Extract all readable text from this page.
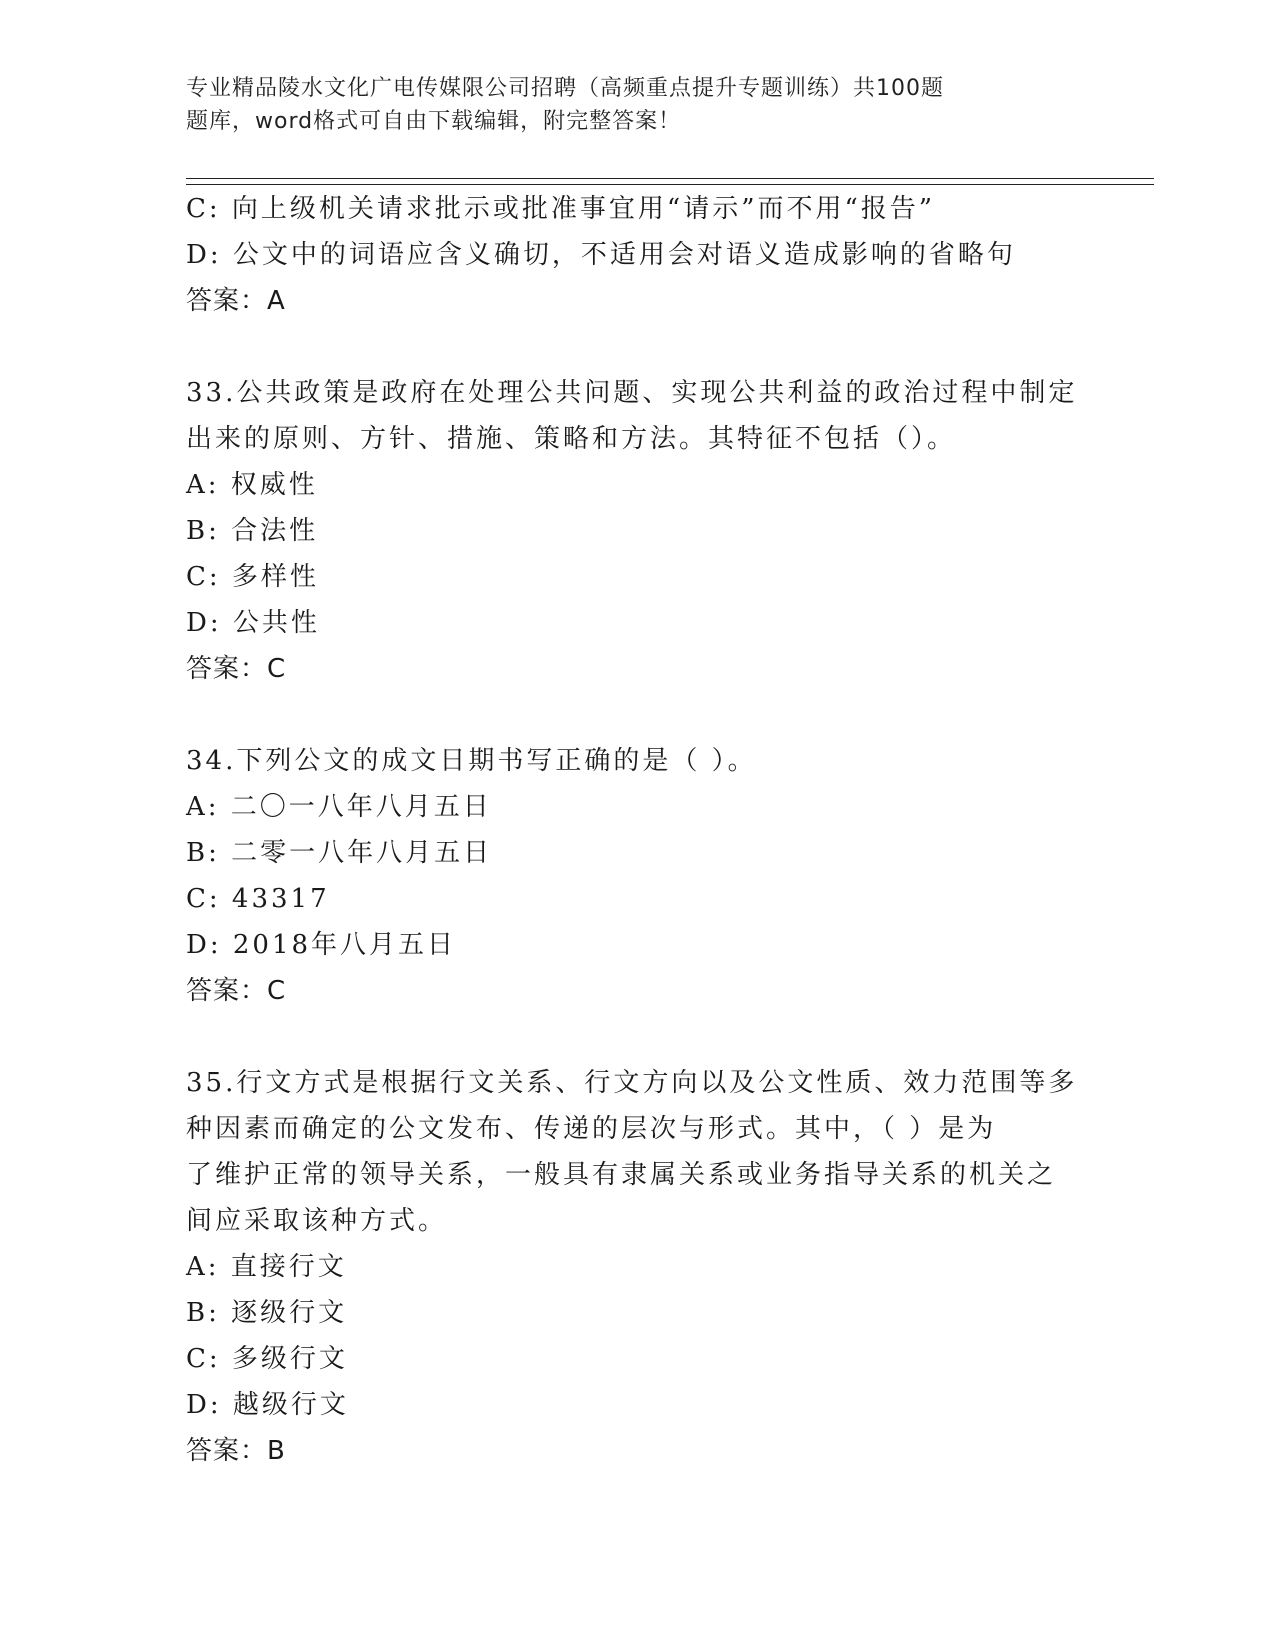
专业精品陵水文化广电传媒限公司招聘（高频重点提升专题训练）共100题
题库，word格式可自由下载编辑，附完整答案！
C: 向上级机关请求批示或批准事宜用“请示”而不用“报告”
D: 公文中的词语应含义确切，不适用会对语义造成影响的省略句
答案：A
33.公共政策是政府在处理公共问题、实现公共利益的政治过程中制定
出来的原则、方针、措施、策略和方法。其特征不包括（）。
A: 权威性
B: 合法性
C: 多样性
D: 公共性
答案：C
34.下列公文的成文日期书写正确的是（ ）。
A: 二〇一八年八月五日
B: 二零一八年八月五日
C: 43317
D: 2018年八月五日
答案：C
35.行文方式是根据行文关系、行文方向以及公文性质、效力范围等多
种因素而确定的公文发布、传递的层次与形式。其中，（ ）是为
了维护正常的领导关系，一般具有隶属关系或业务指导关系的机关之
间应采取该种方式。
A: 直接行文
B: 逐级行文
C: 多级行文
D: 越级行文
答案：B
